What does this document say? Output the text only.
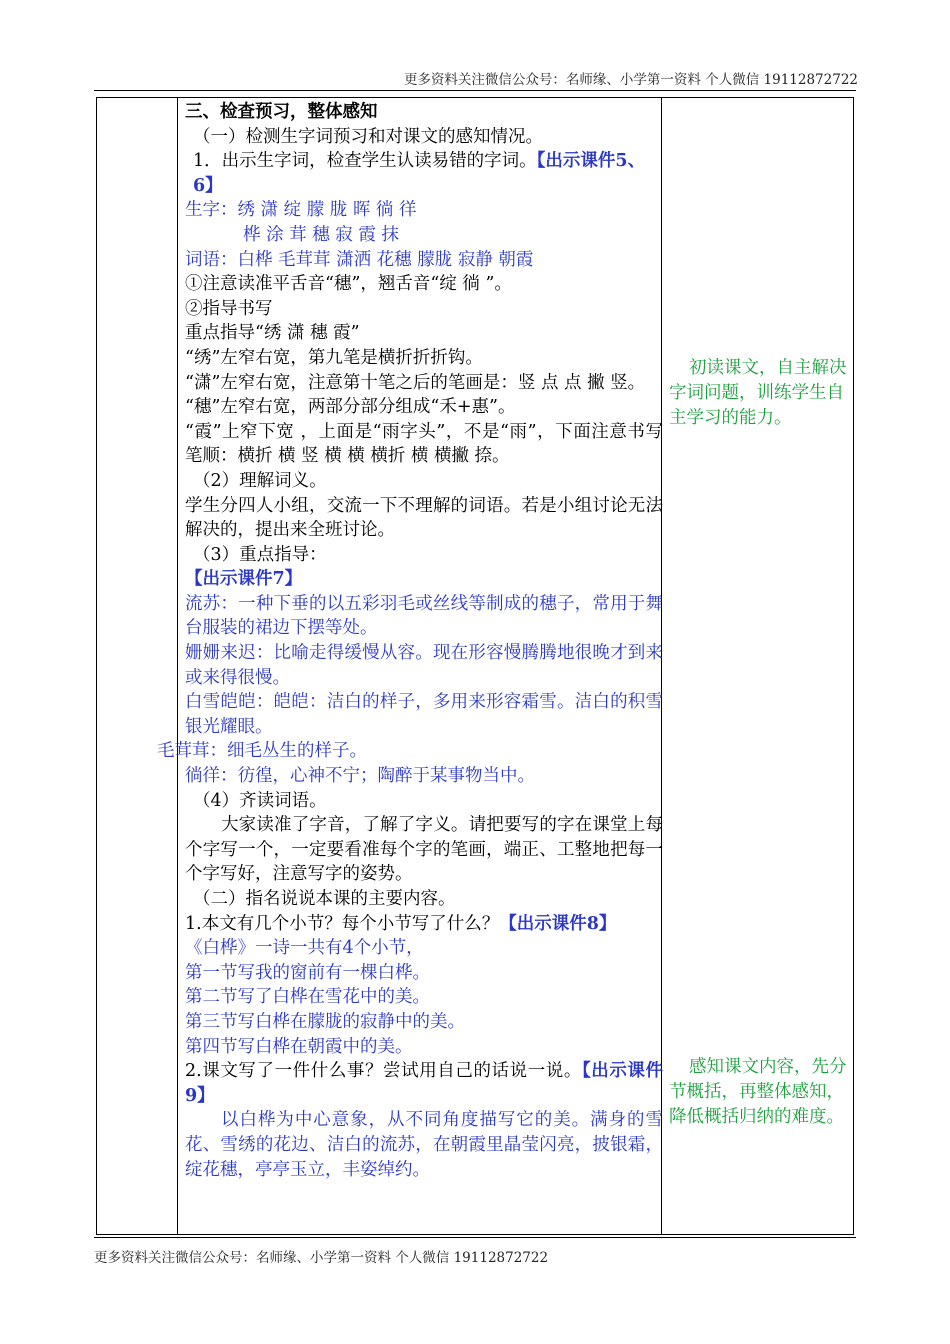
更多资料关注微信公众号：名师缘、小学第一资料 个人微信 19112872722

三、检查预习，整体感知

（一）检测生字词预习和对课文的感知情况。

1．出示生字词，检查学生认读易错的字词。【出示课件5、6】

生字：绣 潇 绽 朦 胧 晖 徜 徉

桦 涂 茸 穗 寂 霞 抹

词语：白桦 毛茸茸 潇洒 花穗 朦胧 寂静 朝霞

①注意读准平舌音“穗”，翘舌音“绽 徜 ”。

②指导书写

重点指导“绣 潇 穗 霞”

“绣”左窄右宽，第九笔是横折折折钩。

“潇”左窄右宽，注意第十笔之后的笔画是：竖 点 点 撇 竖。

“穗”左窄右宽，两部分部分组成“禾+惠”。

“霞”上窄下宽 ，上面是“雨字头”，不是“雨”，下面注意书写笔顺：横折 横 竖 横 横 横折 横 横撇 捺。

（2）理解词义。

学生分四人小组，交流一下不理解的词语。若是小组讨论无法解决的，提出来全班讨论。

（3）重点指导：

【出示课件7】

流苏：一种下垂的以五彩羽毛或丝线等制成的穗子，常用于舞台服装的裙边下摆等处。

姗姗来迟：比喻走得缓慢从容。现在形容慢腾腾地很晚才到来或来得很慢。

白雪皑皑：皑皑：洁白的样子，多用来形容霜雪。洁白的积雪银光耀眼。

毛茸茸：细毛丛生的样子。

徜徉：彷徨，心神不宁；陶醉于某事物当中。

（4）齐读词语。

大家读准了字音，了解了字义。请把要写的字在课堂上每个字写一个，一定要看准每个字的笔画，端正、工整地把每一个字写好，注意写字的姿势。

（二）指名说说本课的主要内容。

1.本文有几个小节？每个小节写了什么？【出示课件8】

《白桦》一诗一共有4个小节，

第一节写我的窗前有一棵白桦。

第二节写了白桦在雪花中的美。

第三节写白桦在朦胧的寂静中的美。

第四节写白桦在朝霞中的美。

2.课文写了一件什么事？尝试用自己的话说一说。【出示课件9】

以白桦为中心意象，从不同角度描写它的美。满身的雪花、雪绣的花边、洁白的流苏，在朝霞里晶莹闪亮，披银霜，绽花穗，亭亭玉立，丰姿绰约。

初读课文，自主解决字词问题，训练学生自主学习的能力。
感知课文内容，先分节概括，再整体感知，降低概括归纳的难度。
更多资料关注微信公众号：名师缘、小学第一资料 个人微信 19112872722
